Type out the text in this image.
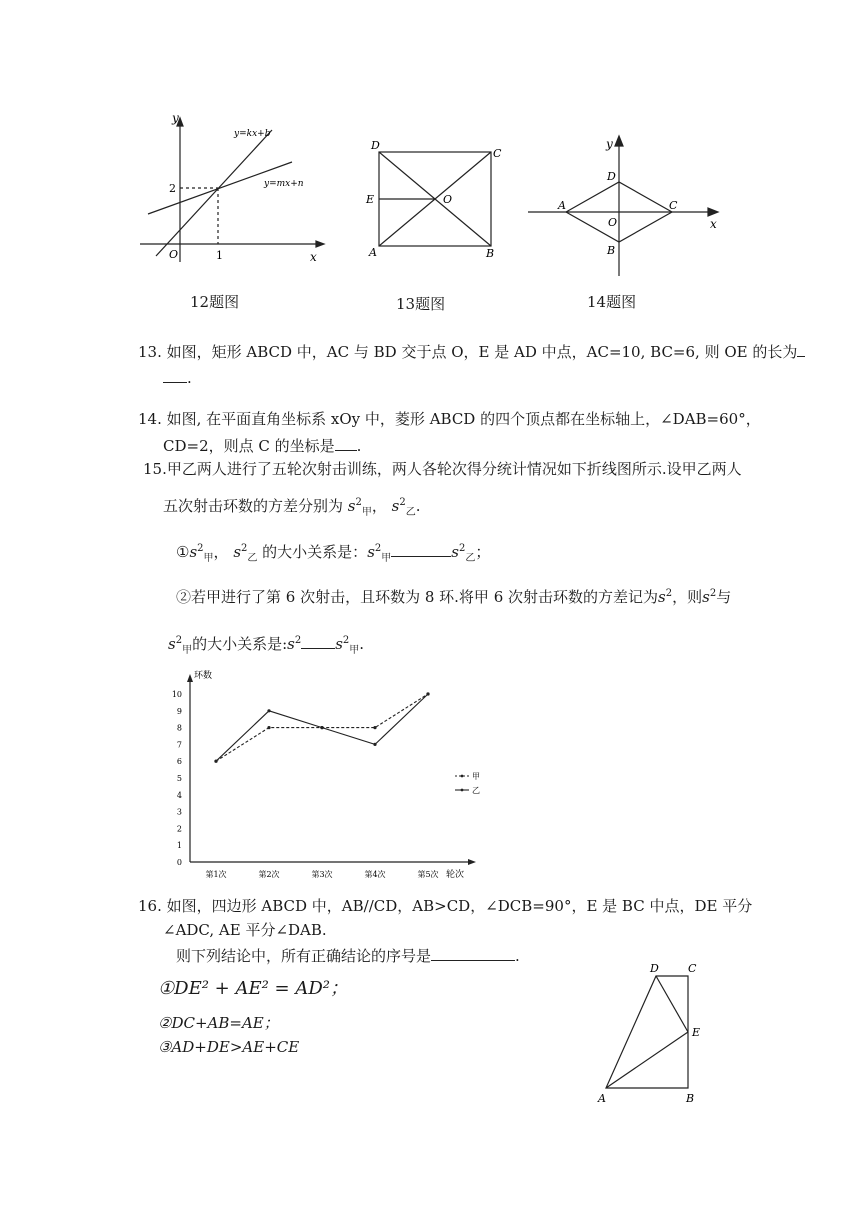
y
x
O	1
2
y=kx+b
y=mx+n
12题图
D
C
A	B
E	O
13题图
y
x
A	C
D
B
O
14题图
13. 如图，矩形 ABCD 中，AC 与 BD 交于点 O，E 是 AD 中点，AC=10, BC=6, 则 OE 的长为
.
14. 如图, 在平面直角坐标系 xOy 中，菱形 ABCD 的四个顶点都在坐标轴上，∠DAB=60°，
CD=2，则点 C 的坐标是 .
15.甲乙两人进行了五轮次射击训练，两人各轮次得分统计情况如下折线图所示.设甲乙两人
五次射击环数的方差分别为 $s^2_甲$， $s^2_乙$.
$①s^2_甲$， $s^2_乙$ 的大小关系是：$s^2_甲$	$s^2_乙$；
②若甲进行了第 6 次射击，且环数为 8 环.将甲 6 次射击环数的方差记为$s^2$，则$s^2$与
$s^2_甲$的大小关系是$:s^2$ $s^2_甲$.
环数
轮次
0
1
2
3
4
5
6
7
8
9
10
第1次	第2次	第3次	第4次	第5次
甲
乙
16. 如图，四边形 ABCD 中，AB//CD，AB>CD，∠DCB=90°，E 是 BC 中点，DE 平分
∠ADC, AE 平分∠DAB.
则下列结论中，所有正确结论的序号是	.
①DE² + AE² = AD²；
②DC+AB=AE；
③AD+DE>AE+CE
D	C
E
A	B
